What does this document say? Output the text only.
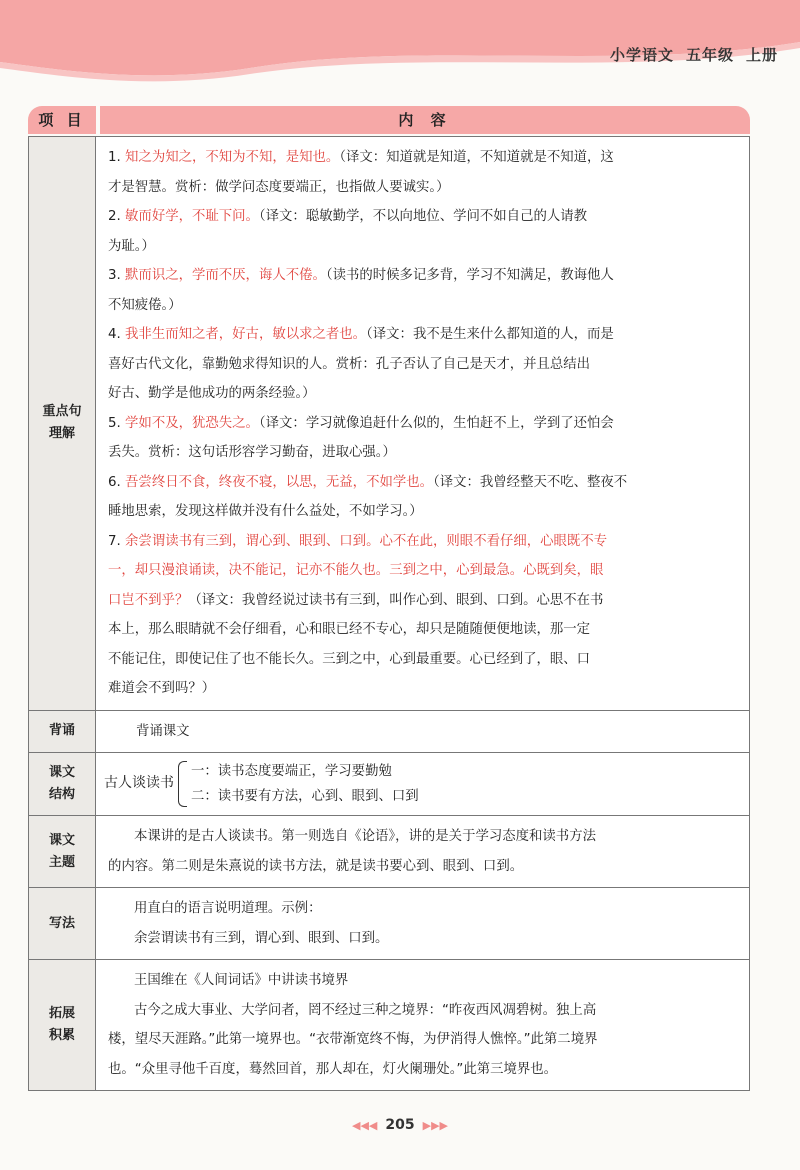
小学语文 五年级 上册
项 目	内 容
重点句
理解
1. 知之为知之，不知为不知，是知也。（译文：知道就是知道，不知道就是不知道，这
才是智慧。赏析：做学问态度要端正，也指做人要诚实。）
2. 敏而好学，不耻下问。（译文：聪敏勤学，不以向地位、学问不如自己的人请教
为耻。）
3. 默而识之，学而不厌，诲人不倦。（读书的时候多记多背，学习不知满足，教诲他人
不知疲倦。）
4. 我非生而知之者，好古，敏以求之者也。（译文：我不是生来什么都知道的人，而是
喜好古代文化，靠勤勉求得知识的人。赏析：孔子否认了自己是天才，并且总结出
好古、勤学是他成功的两条经验。）
5. 学如不及，犹恐失之。（译文：学习就像追赶什么似的，生怕赶不上，学到了还怕会
丢失。赏析：这句话形容学习勤奋，进取心强。）
6. 吾尝终日不食，终夜不寝，以思，无益，不如学也。（译文：我曾经整天不吃、整夜不
睡地思索，发现这样做并没有什么益处，不如学习。）
7. 余尝谓读书有三到，谓心到、眼到、口到。心不在此，则眼不看仔细，心眼既不专
一，却只漫浪诵读，决不能记，记亦不能久也。三到之中，心到最急。心既到矣，眼
口岂不到乎？（译文：我曾经说过读书有三到，叫作心到、眼到、口到。心思不在书
本上，那么眼睛就不会仔细看，心和眼已经不专心，却只是随随便便地读，那一定
不能记住，即使记住了也不能长久。三到之中，心到最重要。心已经到了，眼、口
难道会不到吗？）
背诵	背诵课文
课文
结构
古人谈读书
一：读书态度要端正，学习要勤勉
二：读书要有方法，心到、眼到、口到
课文
主题
本课讲的是古人谈读书。第一则选自《论语》，讲的是关于学习态度和读书方法
的内容。第二则是朱熹说的读书方法，就是读书要心到、眼到、口到。
写法
用直白的语言说明道理。示例：
余尝谓读书有三到，谓心到、眼到、口到。
拓展
积累
王国维在《人间词话》中讲读书境界
古今之成大事业、大学问者，罔不经过三种之境界：“昨夜西风凋碧树。独上高
楼，望尽天涯路。”此第一境界也。“衣带渐宽终不悔，为伊消得人憔悴。”此第二境界
也。“众里寻他千百度，蓦然回首，那人却在，灯火阑珊处。”此第三境界也。
◀◀◀ 205 ▶▶▶
